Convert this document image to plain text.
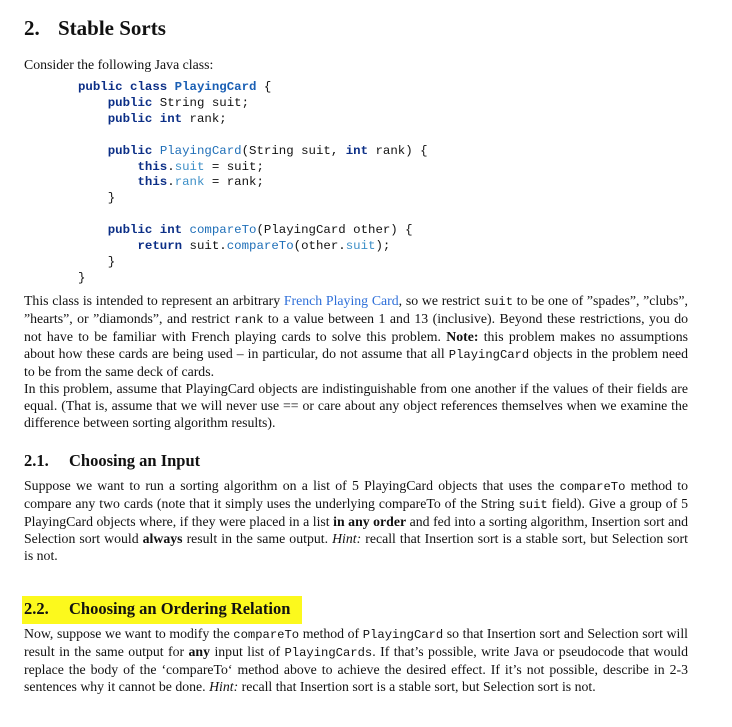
2. Stable Sorts

Consider the following Java class:

public class PlayingCard {
public String suit;
public int rank;

public PlayingCard(String suit, int rank) {
this.suit = suit;
this.rank = rank;
}

public int compareTo(PlayingCard other) {
return suit.compareTo(other.suit);
}
}

This class is intended to represent an arbitrary French Playing Card, so we restrict suit to be one of ”spades”, ”clubs”, ”hearts”, or ”diamonds”, and restrict rank to a value between 1 and 13 (inclusive). Beyond these restrictions, you do not have to be familiar with French playing cards to solve this problem. Note: this problem makes no assumptions about how these cards are being used – in particular, do not assume that all PlayingCard objects in the problem need to be from the same deck of cards.

In this problem, assume that PlayingCard objects are indistinguishable from one another if the values of their fields are equal. (That is, assume that we will never use == or care about any object references themselves when we examine the difference between sorting algorithm results).

2.1. Choosing an Input

Suppose we want to run a sorting algorithm on a list of 5 PlayingCard objects that uses the compareTo method to compare any two cards (note that it simply uses the underlying compareTo of the String suit field). Give a group of 5 PlayingCard objects where, if they were placed in a list in any order and fed into a sorting algorithm, Insertion sort and Selection sort would always result in the same output. Hint: recall that Insertion sort is a stable sort, but Selection sort is not.

2.2. Choosing an Ordering Relation

Now, suppose we want to modify the compareTo method of PlayingCard so that Insertion sort and Selection sort will result in the same output for any input list of PlayingCards. If that’s possible, write Java or pseudocode that would replace the body of the ‘compareTo‘ method above to achieve the desired effect. If it’s not possible, describe in 2-3 sentences why it cannot be done. Hint: recall that Insertion sort is a stable sort, but Selection sort is not.
